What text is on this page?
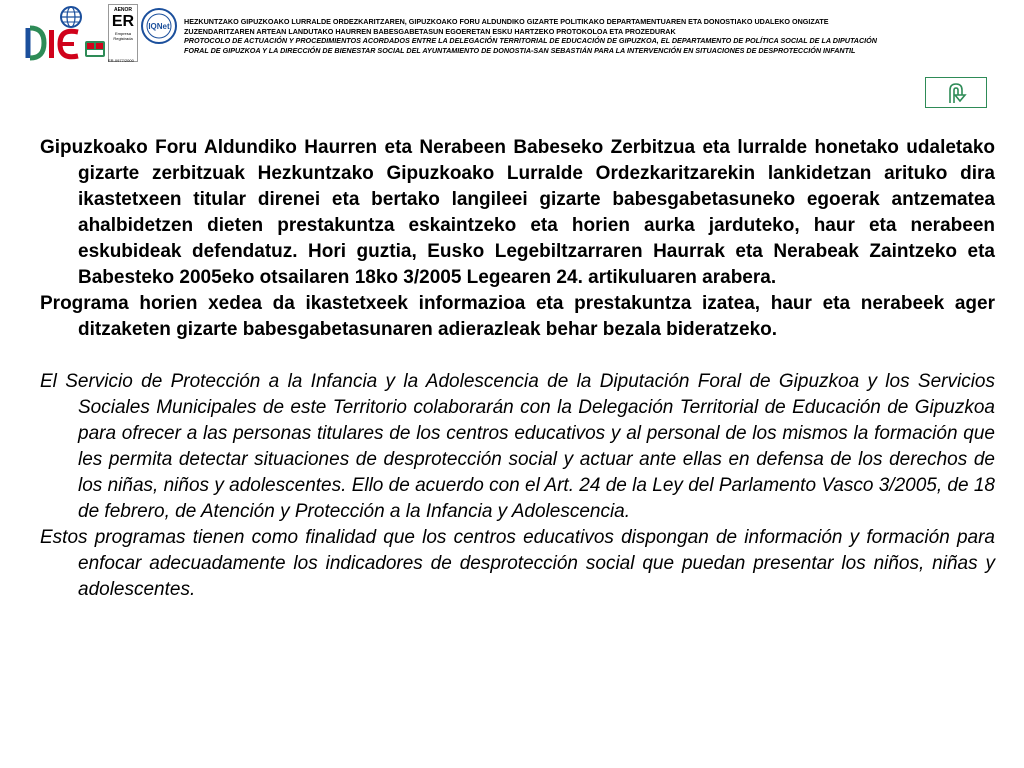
AENOR
ER
Empresa Registrada
ER-0977/2000
IQNet
HEZKUNTZAKO GIPUZKOAKO LURRALDE ORDEZKARITZAREN, GIPUZKOAKO FORU ALDUNDIKO GIZARTE POLITIKAKO DEPARTAMENTUAREN ETA DONOSTIAKO UDALEKO ONGIZATE
ZUZENDARITZAREN ARTEAN LANDUTAKO HAURREN BABESGABETASUN EGOERETAN ESKU HARTZEKO PROTOKOLOA ETA PROZEDURAK
PROTOCOLO DE ACTUACIÓN Y PROCEDIMIENTOS ACORDADOS ENTRE LA DELEGACIÓN TERRITORIAL DE EDUCACIÓN DE GIPUZKOA, EL DEPARTAMENTO DE POLÍTICA SOCIAL DE LA DIPUTACIÓN
FORAL DE GIPUZKOA Y LA DIRECCIÓN DE BIENESTAR SOCIAL DEL AYUNTAMIENTO DE DONOSTIA-SAN SEBASTIÁN PARA LA INTERVENCIÓN EN SITUACIONES DE DESPROTECCIÓN INFANTIL

Gipuzkoako Foru Aldundiko Haurren eta Nerabeen Babeseko Zerbitzua eta lurralde honetako udaletako gizarte zerbitzuak Hezkuntzako Gipuzkoako Lurralde Ordezkaritzarekin lankidetzan arituko dira ikastetxeen titular direnei eta bertako langileei gizarte babesgabetasuneko egoerak antzematea ahalbidetzen dieten prestakuntza eskaintzeko eta horien aurka jarduteko, haur eta nerabeen eskubideak defendatuz. Hori guztia, Eusko Legebiltzarraren Haurrak eta Nerabeak Zaintzeko eta Babesteko 2005eko otsailaren 18ko 3/2005 Legearen 24. artikuluaren arabera.

Programa horien xedea da ikastetxeek informazioa eta prestakuntza izatea, haur eta nerabeek ager ditzaketen gizarte babesgabetasunaren adierazleak behar bezala bideratzeko.

El Servicio de Protección a la Infancia y la Adolescencia de la Diputación Foral de Gipuzkoa y los Servicios Sociales Municipales de este Territorio colaborarán con la Delegación Territorial de Educación de Gipuzkoa para ofrecer a las personas titulares de los centros educativos y al personal de los mismos la formación que les permita detectar situaciones de desprotección social y actuar ante ellas en defensa de los derechos de los niñas, niños y adolescentes. Ello de acuerdo con el Art. 24 de la Ley del Parlamento Vasco 3/2005, de 18 de febrero, de Atención y Protección a la Infancia y Adolescencia.

Estos programas tienen como finalidad que los centros educativos dispongan de información y formación para enfocar adecuadamente los indicadores de desprotección social que puedan presentar los niños, niñas y adolescentes.
